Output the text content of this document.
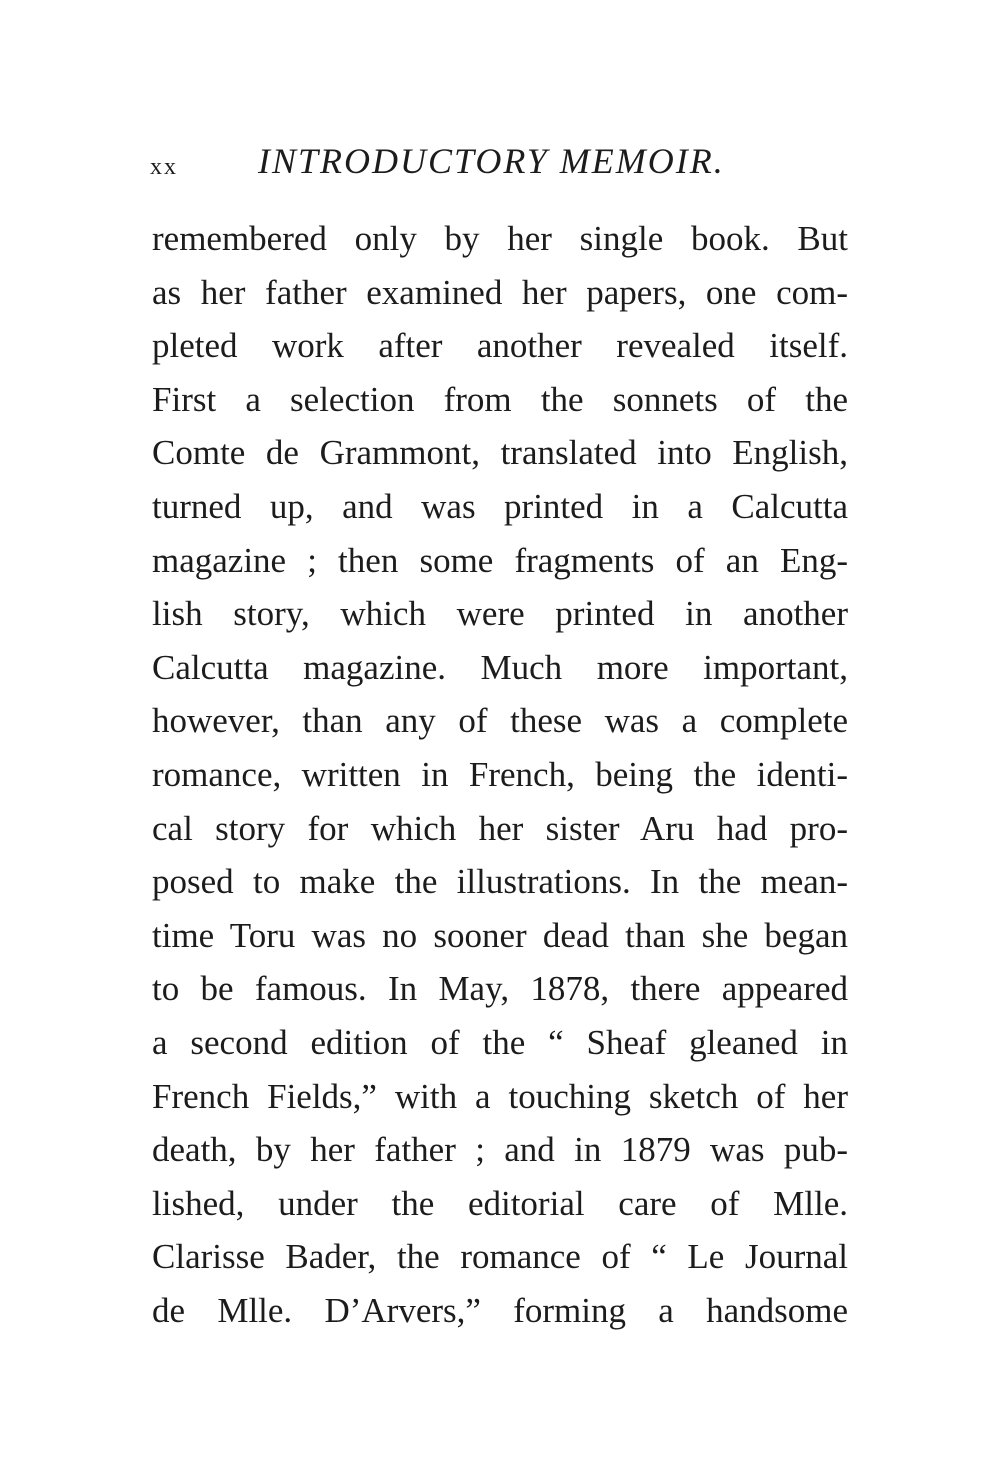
xx INTRODUCTORY MEMOIR.
remembered only by her single book. But
as her father examined her papers, one com-
pleted work after another revealed itself.
First a selection from the sonnets of the
Comte de Grammont, translated into English,
turned up, and was printed in a Calcutta
magazine ; then some fragments of an Eng-
lish story, which were printed in another
Calcutta magazine. Much more important,
however, than any of these was a complete
romance, written in French, being the identi-
cal story for which her sister Aru had pro-
posed to make the illustrations. In the mean-
time Toru was no sooner dead than she began
to be famous. In May, 1878, there appeared
a second edition of the “ Sheaf gleaned in
French Fields,” with a touching sketch of her
death, by her father ; and in 1879 was pub-
lished, under the editorial care of Mlle.
Clarisse Bader, the romance of “ Le Journal
de Mlle. D’Arvers,” forming a handsome
